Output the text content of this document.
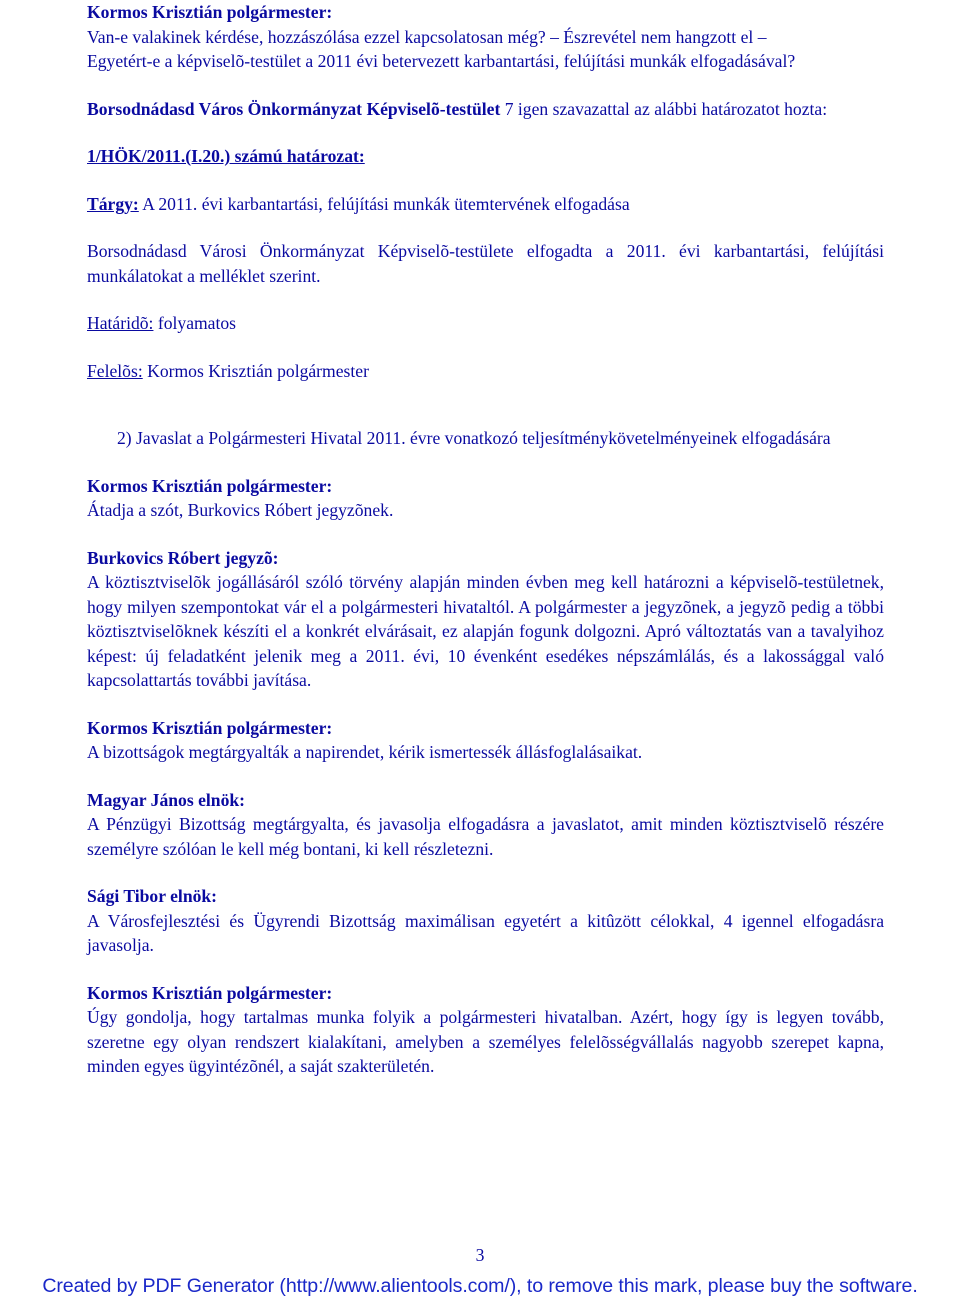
Kormos Krisztián polgármester:

Van-e valakinek kérdése, hozzászólása ezzel kapcsolatosan még? – Észrevétel nem hangzott el –

Egyetért-e a képviselõ-testület a 2011 évi betervezett karbantartási, felújítási munkák elfogadásával?

Borsodnádasd Város Önkormányzat Képviselõ-testület 7 igen szavazattal az alábbi határozatot hozta:

1/HÖK/2011.(I.20.) számú határozat:

Tárgy: A 2011. évi karbantartási, felújítási munkák ütemtervének elfogadása

Borsodnádasd Városi Önkormányzat Képviselõ-testülete elfogadta a 2011. évi karbantartási, felújítási munkálatokat a melléklet szerint.

Határidõ: folyamatos

Felelõs: Kormos Krisztián polgármester

2) Javaslat a Polgármesteri Hivatal 2011. évre vonatkozó teljesítménykövetelményeinek elfogadására

Kormos Krisztián polgármester:

Átadja a szót, Burkovics Róbert jegyzõnek.

Burkovics Róbert jegyzõ:

A köztisztviselõk jogállásáról szóló törvény alapján minden évben meg kell határozni a képviselõ-testületnek, hogy milyen szempontokat vár el a polgármesteri hivataltól. A polgármester a jegyzõnek, a jegyzõ pedig a többi köztisztviselõknek készíti el a konkrét elvárásait, ez alapján fogunk dolgozni. Apró változtatás van a tavalyihoz képest: új feladatként jelenik meg a 2011. évi, 10 évenként esedékes népszámlálás, és a lakossággal való kapcsolattartás további javítása.

Kormos Krisztián polgármester:

A bizottságok megtárgyalták a napirendet, kérik ismertessék állásfoglalásaikat.

Magyar János elnök:

A Pénzügyi Bizottság megtárgyalta, és javasolja elfogadásra a javaslatot, amit minden köztisztviselõ részére személyre szólóan le kell még bontani, ki kell részletezni.

Sági Tibor elnök:

A Városfejlesztési és Ügyrendi Bizottság maximálisan egyetért a kitûzött célokkal, 4 igennel elfogadásra javasolja.

Kormos Krisztián polgármester:

Úgy gondolja, hogy tartalmas munka folyik a polgármesteri hivatalban. Azért, hogy így is legyen tovább, szeretne egy olyan rendszert kialakítani, amelyben a személyes felelõsségvállalás nagyobb szerepet kapna, minden egyes ügyintézõnél, a saját szakterületén.

3
Created by PDF Generator (http://www.alientools.com/), to remove this mark, please buy the software.
